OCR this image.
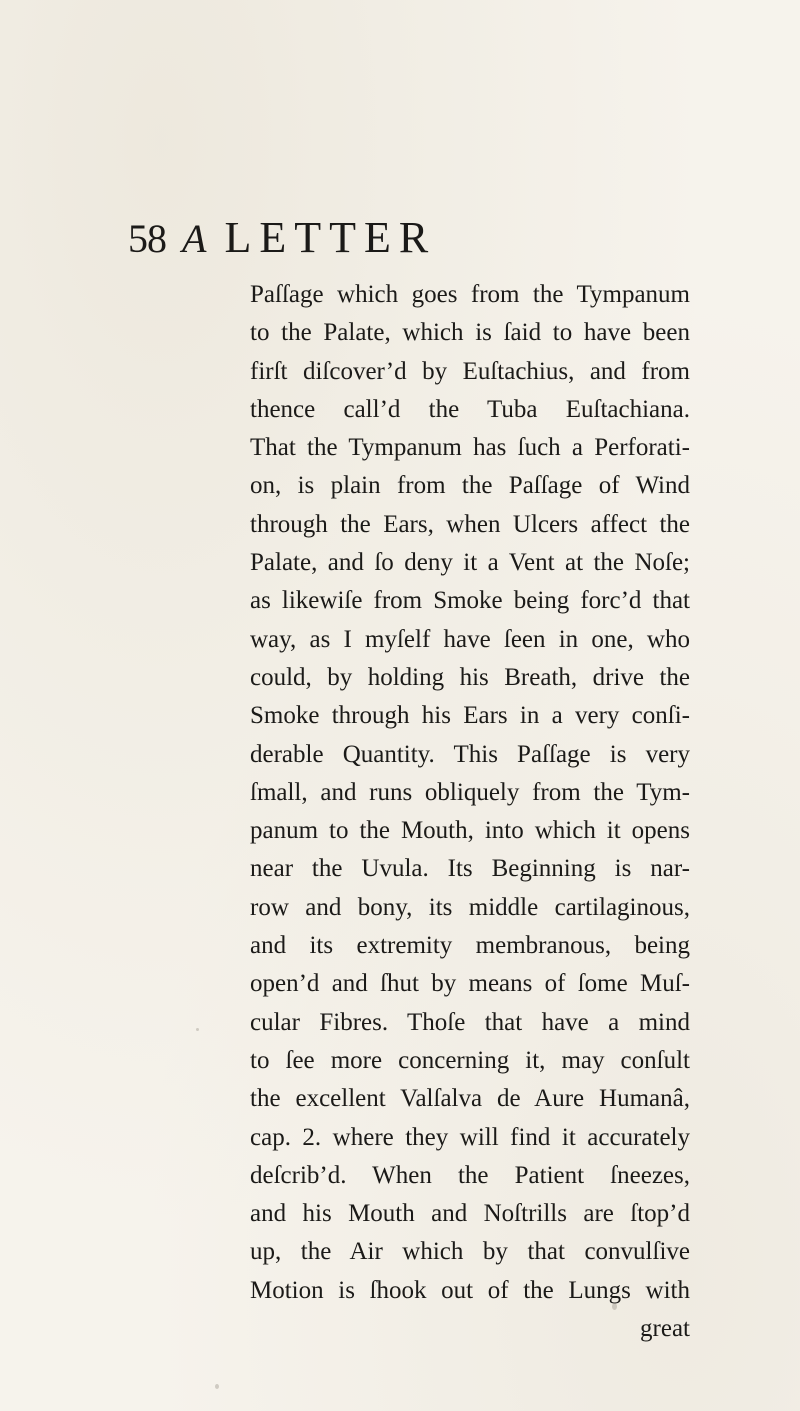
58 A LETTER
Paſſage which goes from the Tympanum
to the Palate, which is ſaid to have been
firſt diſcover’d by Euſtachius, and from
thence call’d the Tuba Euſtachiana.
That the Tympanum has ſuch a Perforati-
on, is plain from the Paſſage of Wind
through the Ears, when Ulcers affect the
Palate, and ſo deny it a Vent at the Noſe;
as likewiſe from Smoke being forc’d that
way, as I myſelf have ſeen in one, who
could, by holding his Breath, drive the
Smoke through his Ears in a very conſi-
derable Quantity. This Paſſage is very
ſmall, and runs obliquely from the Tym-
panum to the Mouth, into which it opens
near the Uvula. Its Beginning is nar-
row and bony, its middle cartilaginous,
and its extremity membranous, being
open’d and ſhut by means of ſome Muſ-
cular Fibres. Thoſe that have a mind
to ſee more concerning it, may conſult
the excellent Valſalva de Aure Humanâ,
cap. 2. where they will find it accurately
deſcrib’d. When the Patient ſneezes,
and his Mouth and Noſtrills are ſtop’d
up, the Air which by that convulſive
Motion is ſhook out of the Lungs with
great
